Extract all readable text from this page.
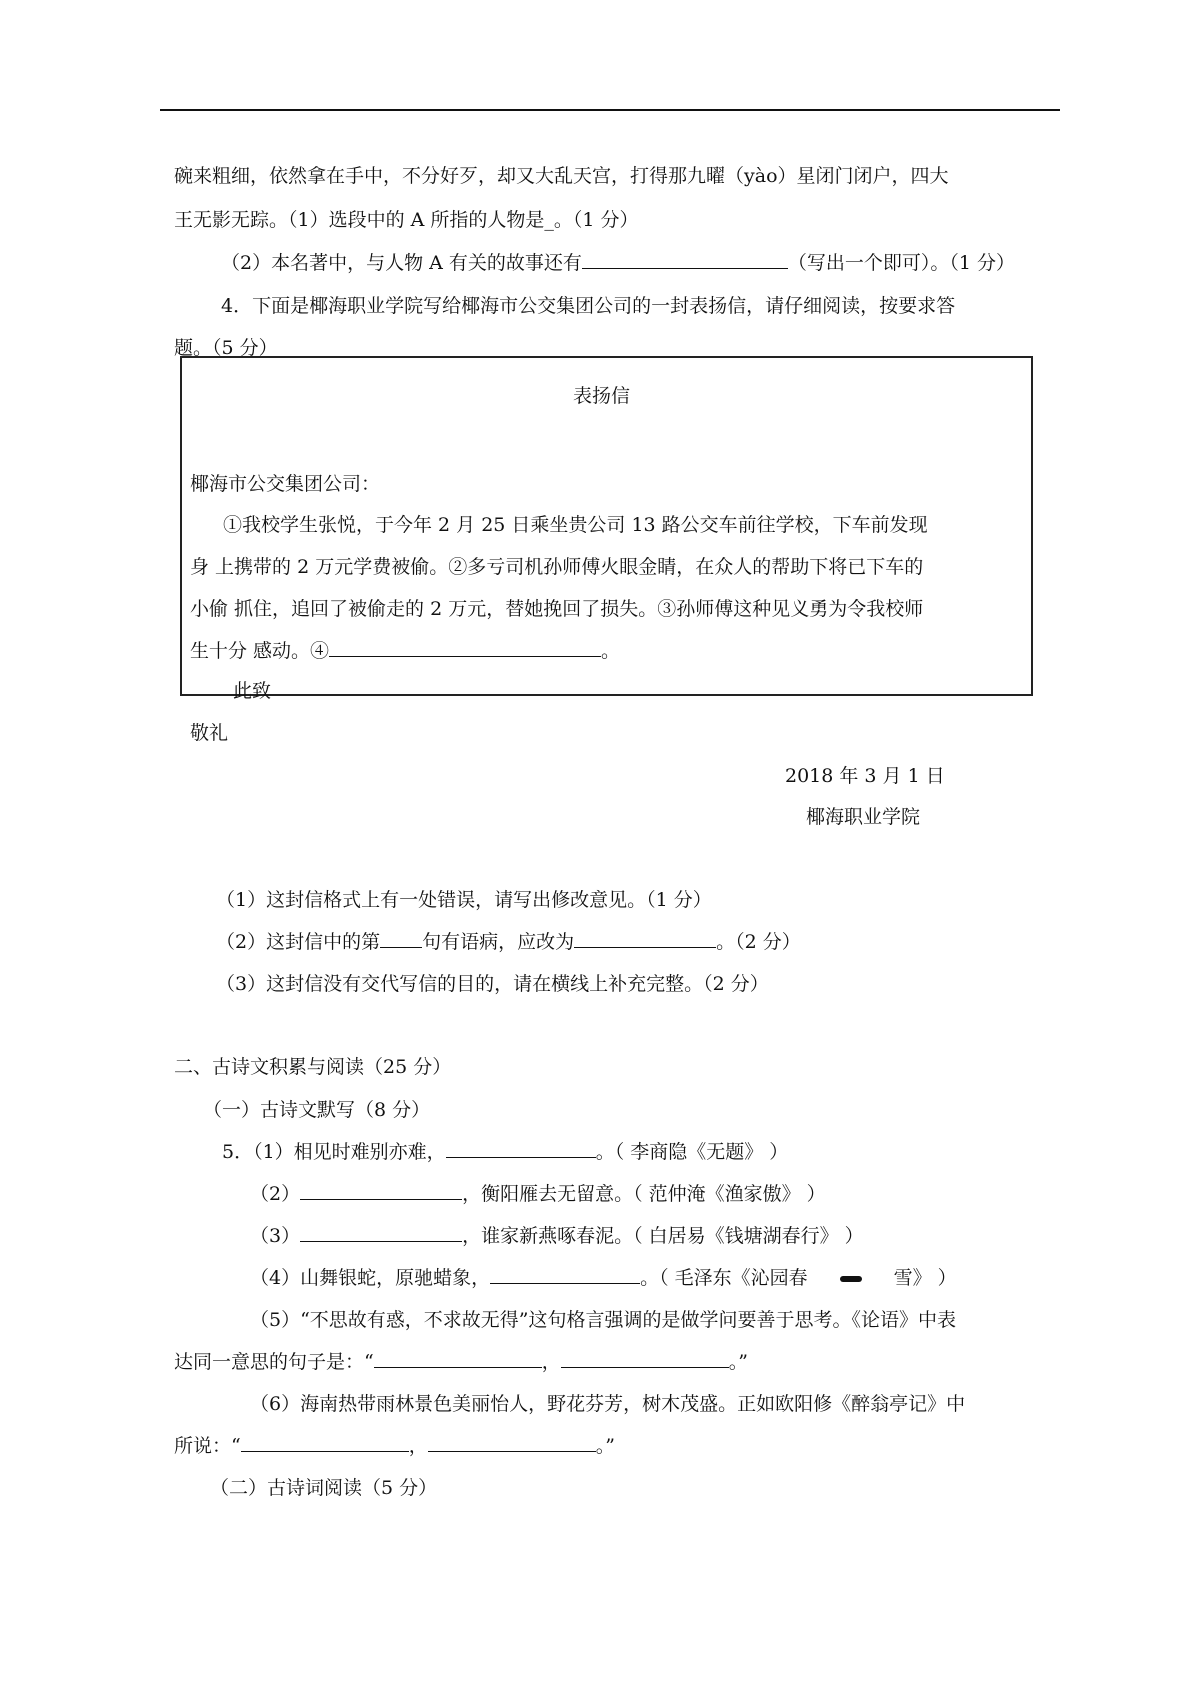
碗来粗细，依然拿在手中，不分好歹，却又大乱天宫，打得那九曜（yào）星闭门闭户，四大
王无影无踪。（1）选段中的 A 所指的人物是_。（1 分）
（2）本名著中，与人物 A 有关的故事还有	（写出一个即可）。（1 分）
4．下面是椰海职业学院写给椰海市公交集团公司的一封表扬信，请仔细阅读，按要求答
题。（5 分）
表扬信
椰海市公交集团公司：
①我校学生张悦，于今年 2 月 25 日乘坐贵公司 13 路公交车前往学校，下车前发现
身 上携带的 2 万元学费被偷。②多亏司机孙师傅火眼金睛，在众人的帮助下将已下车的
小偷 抓住，追回了被偷走的 2 万元，替她挽回了损失。③孙师傅这种见义勇为令我校师
生十分 感动。④	。
此致
敬礼
2018 年 3 月 1 日
椰海职业学院
（1）这封信格式上有一处错误，请写出修改意见。（1 分）
（2）这封信中的第 句有语病，应改为	。（2 分）
（3）这封信没有交代写信的目的，请在横线上补充完整。（2 分）
二、古诗文积累与阅读（25 分）
（一）古诗文默写（8 分）
5．（1）相见时难别亦难，	。（ 李商隐《无题》 ）
（2）	，衡阳雁去无留意。（ 范仲淹《渔家傲》 ）
（3）	，谁家新燕啄春泥。（ 白居易《钱塘湖春行》 ）
（4）山舞银蛇，原驰蜡象，	。（ 毛泽东《沁园春	雪》 ）
（5）“不思故有惑，不求故无得”这句格言强调的是做学问要善于思考。《论语》中表
达同一意思的句子是：“	，	。”
（6）海南热带雨林景色美丽怡人，野花芬芳，树木茂盛。正如欧阳修《醉翁亭记》中
所说：“	，	。”
（二）古诗词阅读（5 分）
